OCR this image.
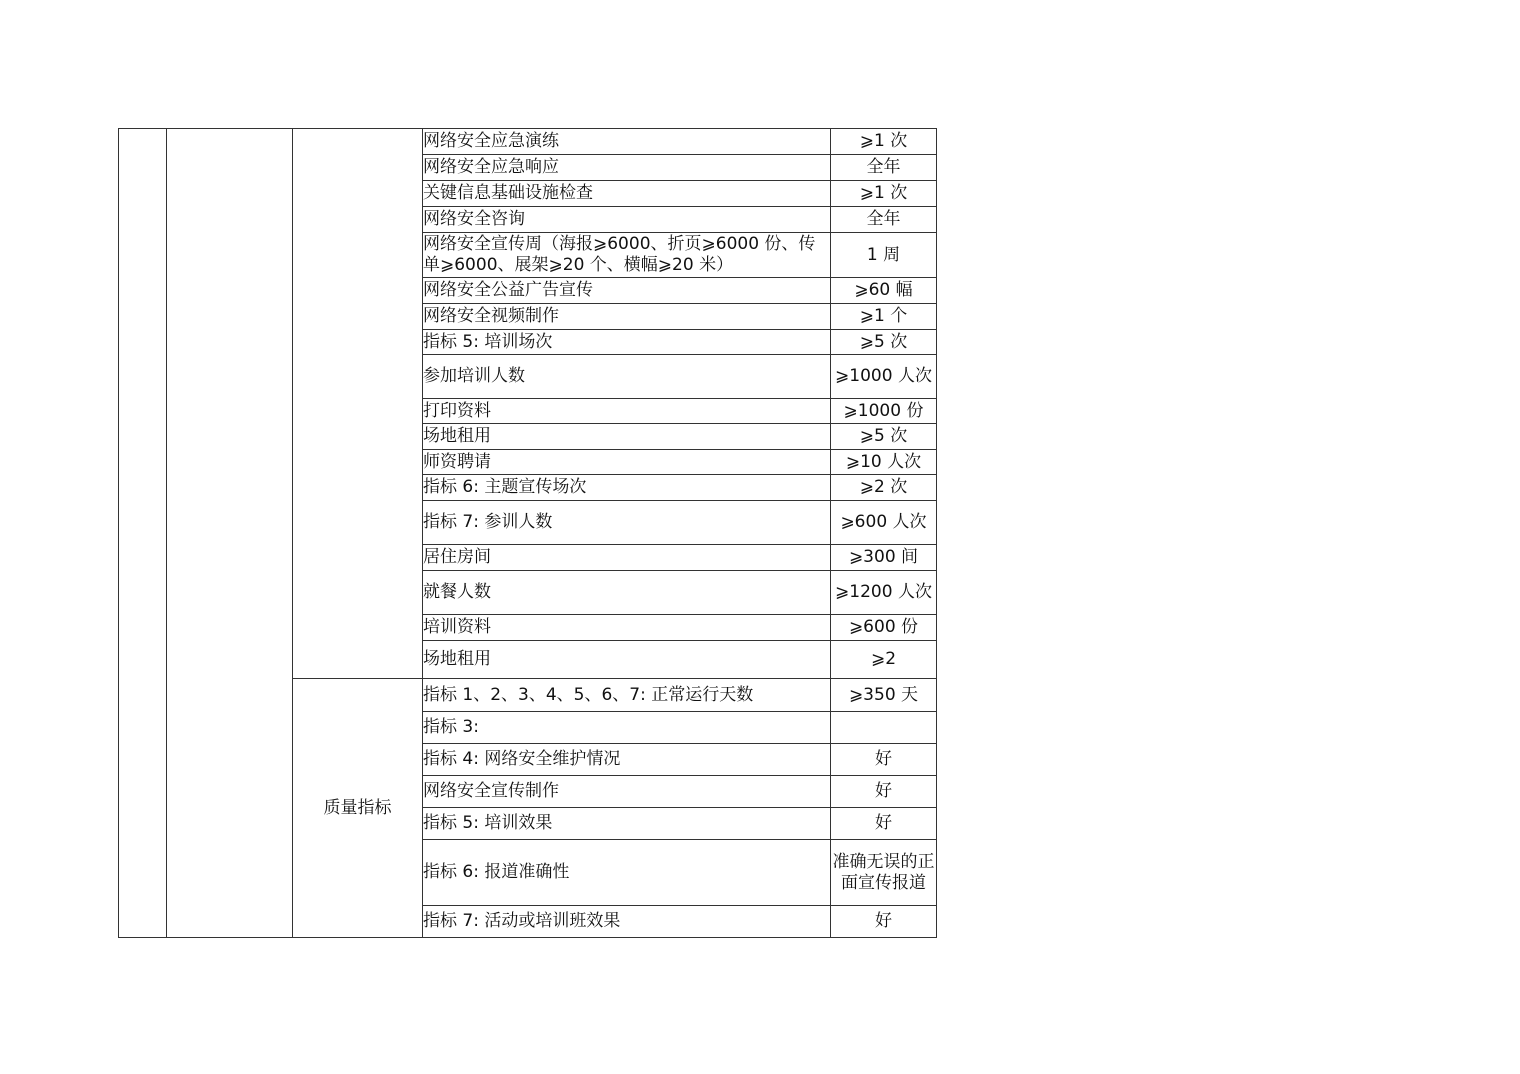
			网络安全应急演练	⩾1 次
			网络安全应急响应	全年
			关键信息基础设施检查	⩾1 次
			网络安全咨询	全年
			网络安全宣传周（海报⩾6000、折页⩾6000 份、传单⩾6000、展架⩾20 个、横幅⩾20 米）	1 周
			网络安全公益广告宣传	⩾60 幅
			网络安全视频制作	⩾1 个
			指标 5: 培训场次	⩾5 次
			参加培训人数	⩾1000 人次
			打印资料	⩾1000 份
			场地租用	⩾5 次
			师资聘请	⩾10 人次
			指标 6: 主题宣传场次	⩾2 次
			指标 7: 参训人数	⩾600 人次
			居住房间	⩾300 间
			就餐人数	⩾1200 人次
			培训资料	⩾600 份
			场地租用	⩾2
		质量指标	指标 1、2、3、4、5、6、7: 正常运行天数	⩾350 天
			指标 3:	
			指标 4: 网络安全维护情况	好
			网络安全宣传制作	好
			指标 5: 培训效果	好
			指标 6: 报道准确性	准确无误的正面宣传报道
			指标 7: 活动或培训班效果	好
